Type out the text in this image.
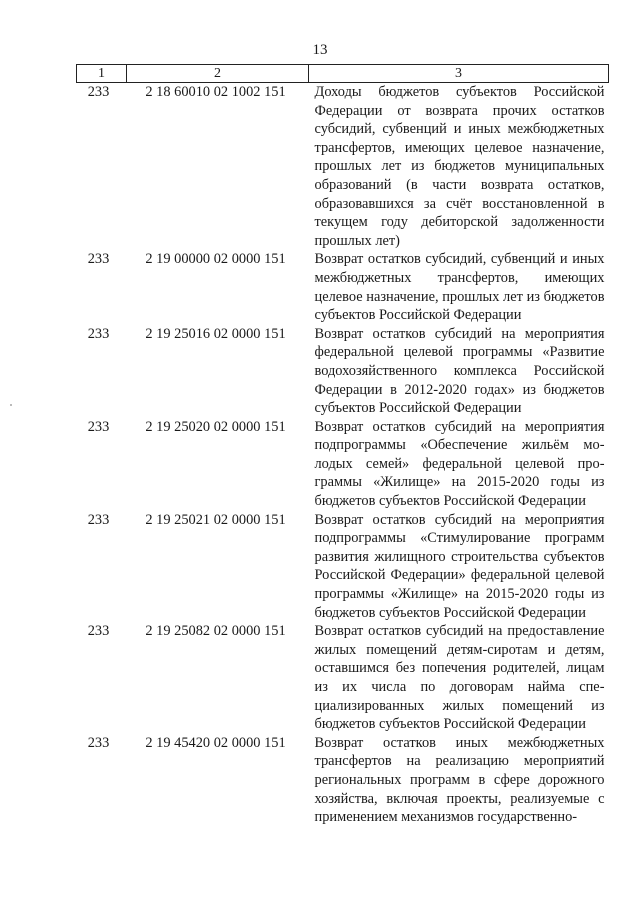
13
1	2	3
233	2 18 60010 02 1002 151	Доходы бюджетов субъектов Российской Федерации от возврата прочих остатков субсидий, субвенций и иных межбюджетных трансфертов, имеющих целевое назначение, прошлых лет из бюджетов муниципальных образований (в части возврата остатков, образовавшихся за счёт восстановленной в текущем году дебиторской задолженности прошлых лет)
233	2 19 00000 02 0000 151	Возврат остатков субсидий, субвенций и иных межбюджетных трансфертов, имеющих целевое назначение, прошлых лет из бюджетов субъектов Российской Федерации
233	2 19 25016 02 0000 151	Возврат остатков субсидий на мероприятия федеральной целевой программы «Развитие водохозяйственного комплекса Российской Федерации в 2012-2020 годах» из бюджетов субъектов Российской Федерации
233	2 19 25020 02 0000 151	Возврат остатков субсидий на мероприятия подпрограммы «Обеспечение жильём молодых семей» федеральной целевой программы «Жилище» на 2015-2020 годы из бюджетов субъектов Российской Федерации
233	2 19 25021 02 0000 151	Возврат остатков субсидий на мероприятия подпрограммы «Стимулирование программ развития жилищного строительства субъектов Российской Федерации» федеральной целевой программы «Жилище» на 2015-2020 годы из бюджетов субъектов Российской Федерации
233	2 19 25082 02 0000 151	Возврат остатков субсидий на предоставление жилых помещений детям-сиротам и детям, оставшимся без попечения родителей, лицам из их числа по договорам найма специализированных жилых помещений из бюджетов субъектов Российской Федерации
233	2 19 45420 02 0000 151	Возврат остатков иных межбюджетных трансфертов на реализацию мероприятий региональных программ в сфере дорожного хозяйства, включая проекты, реализуемые с применением механизмов государственно-
